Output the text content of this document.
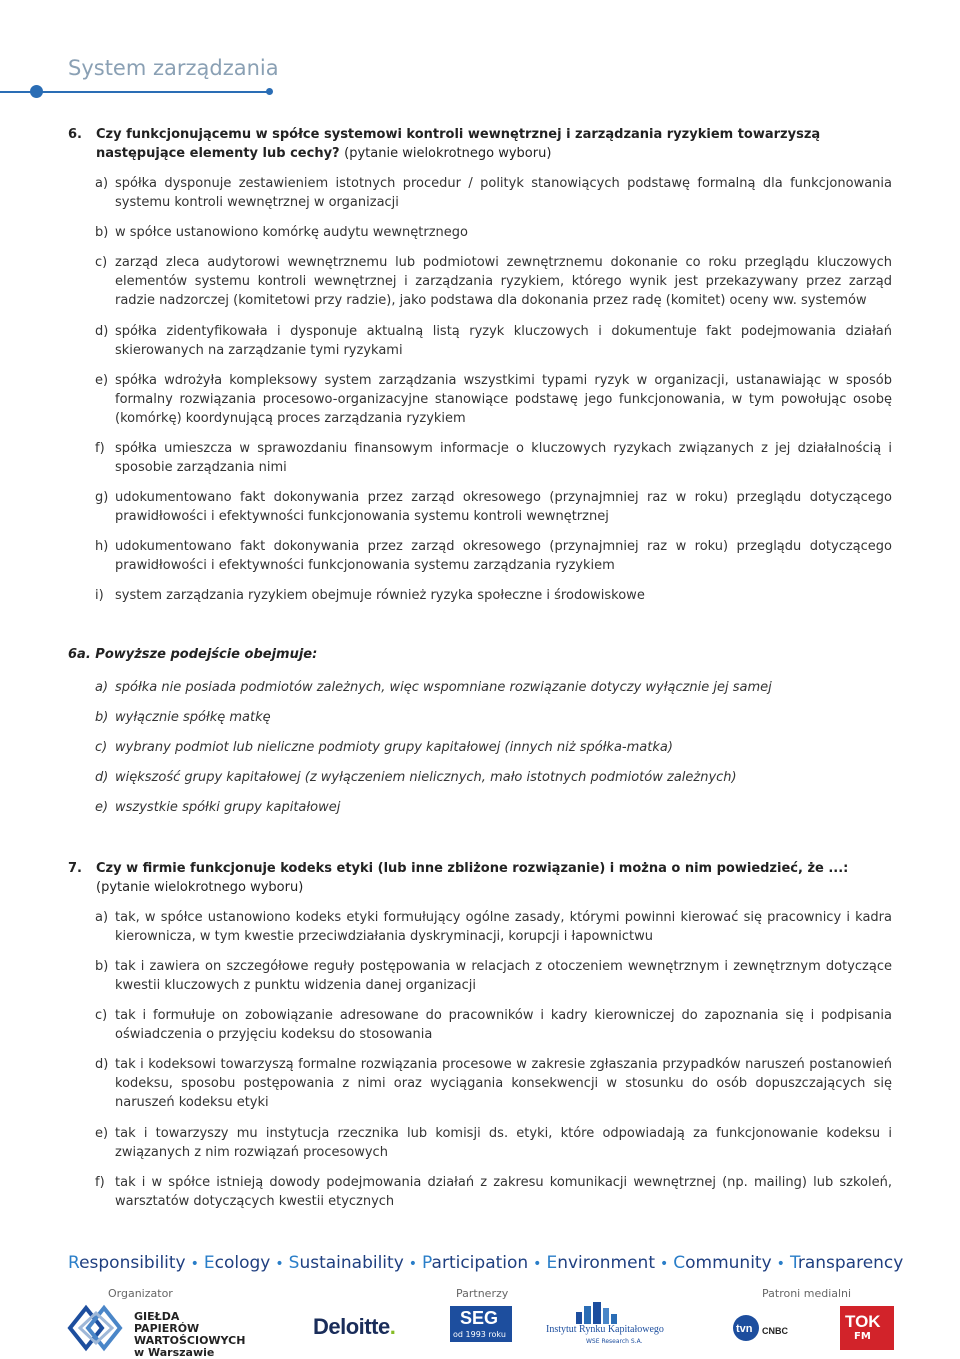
System zarządzania
6.	Czy funkcjonującemu w spółce systemowi kontroli wewnętrznej i zarządzania ryzykiem towarzyszą następujące elementy lub cechy? (pytanie wielokrotnego wyboru)
a) spółka dysponuje zestawieniem istotnych procedur / polityk stanowiących podstawę formalną dla funkcjonowania systemu kontroli wewnętrznej w organizacji
b) w spółce ustanowiono komórkę audytu wewnętrznego
c) zarząd zleca audytorowi wewnętrznemu lub podmiotowi zewnętrznemu dokonanie co roku przeglądu kluczowych elementów systemu kontroli wewnętrznej i zarządzania ryzykiem, którego wynik jest przekazywany przez zarząd radzie nadzorczej (komitetowi przy radzie), jako podstawa dla dokonania przez radę (komitet) oceny ww. systemów
d) spółka zidentyfikowała i dysponuje aktualną listą ryzyk kluczowych i dokumentuje fakt podejmowania działań skierowanych na zarządzanie tymi ryzykami
e) spółka wdrożyła kompleksowy system zarządzania wszystkimi typami ryzyk w organizacji, ustanawiając w sposób formalny rozwiązania procesowo-organizacyjne stanowiące podstawę jego funkcjonowania, w tym powołując osobę (komórkę) koordynującą proces zarządzania ryzykiem
f) spółka umieszcza w sprawozdaniu finansowym informacje o kluczowych ryzykach związanych z jej działalnością i sposobie zarządzania nimi
g) udokumentowano fakt dokonywania przez zarząd okresowego (przynajmniej raz w roku) przeglądu dotyczącego prawidłowości i efektywności funkcjonowania systemu kontroli wewnętrznej
h) udokumentowano fakt dokonywania przez zarząd okresowego (przynajmniej raz w roku) przeglądu dotyczącego prawidłowości i efektywności funkcjonowania systemu zarządzania ryzykiem
i) system zarządzania ryzykiem obejmuje również ryzyka społeczne i środowiskowe
6a. Powyższe podejście obejmuje:
a) spółka nie posiada podmiotów zależnych, więc wspomniane rozwiązanie dotyczy wyłącznie jej samej
b) wyłącznie spółkę matkę
c) wybrany podmiot lub nieliczne podmioty grupy kapitałowej (innych niż spółka-matka)
d) większość grupy kapitałowej (z wyłączeniem nielicznych, mało istotnych podmiotów zależnych)
e) wszystkie spółki grupy kapitałowej
7.	Czy w firmie funkcjonuje kodeks etyki (lub inne zbliżone rozwiązanie) i można o nim powiedzieć, że ...:
(pytanie wielokrotnego wyboru)
a) tak, w spółce ustanowiono kodeks etyki formułujący ogólne zasady, którymi powinni kierować się pracownicy i kadra kierownicza, w tym kwestie przeciwdziałania dyskryminacji, korupcji i łapownictwu
b) tak i zawiera on szczegółowe reguły postępowania w relacjach z otoczeniem wewnętrznym i zewnętrznym dotyczące kwestii kluczowych z punktu widzenia danej organizacji
c) tak i formułuje on zobowiązanie adresowane do pracowników i kadry kierowniczej do zapoznania się i podpisania oświadczenia o przyjęciu kodeksu do stosowania
d) tak i kodeksowi towarzyszą formalne rozwiązania procesowe w zakresie zgłaszania przypadków naruszeń postanowień kodeksu, sposobu postępowania z nimi oraz wyciągania konsekwencji w stosunku do osób dopuszczających się naruszeń kodeksu etyki
e) tak i towarzyszy mu instytucja rzecznika lub komisji ds. etyki, które odpowiadają za funkcjonowanie kodeksu i związanych z nim rozwiązań procesowych
f) tak i w spółce istnieją dowody podejmowania działań z zakresu komunikacji wewnętrznej (np. mailing) lub szkoleń, warsztatów dotyczących kwestii etycznych
Responsibility • Ecology • Sustainability • Participation • Environment • Community • Transparency
Organizator	Partnerzy	Patroni medialni
GIEŁDA PAPIERÓW
WARTOŚCIOWYCH
w Warszawie
Deloitte.	SEG
od 1993 roku	Instytut Rynku Kapitałowego
WSE Research S.A.
tvn CNBC	TOK
FM
